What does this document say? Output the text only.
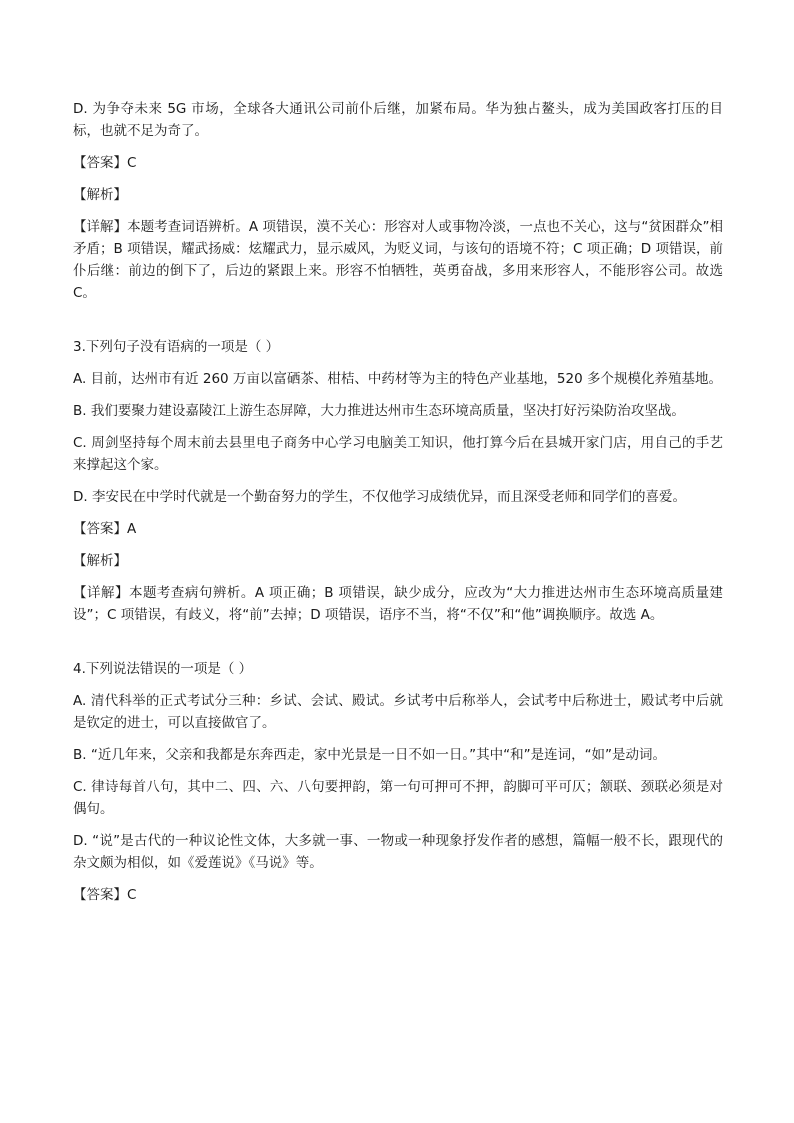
D. 为争夺未来 5G 市场，全球各大通讯公司前仆后继，加紧布局。华为独占鳌头，成为美国政客打压的目标，也就不足为奇了。

【答案】C

【解析】

【详解】本题考查词语辨析。A 项错误，漠不关心：形容对人或事物冷淡，一点也不关心，这与“贫困群众”相矛盾；B 项错误，耀武扬威：炫耀武力，显示威风，为贬义词，与该句的语境不符；C 项正确；D 项错误，前仆后继：前边的倒下了，后边的紧跟上来。形容不怕牺牲，英勇奋战，多用来形容人，不能形容公司。故选 C。

3.下列句子没有语病的一项是（ ）

A. 目前，达州市有近 260 万亩以富硒茶、柑桔、中药材等为主的特色产业基地，520 多个规模化养殖基地。

B. 我们要聚力建设嘉陵江上游生态屏障，大力推进达州市生态环境高质量，坚决打好污染防治攻坚战。

C. 周剑坚持每个周末前去县里电子商务中心学习电脑美工知识，他打算今后在县城开家门店，用自己的手艺来撑起这个家。

D. 李安民在中学时代就是一个勤奋努力的学生，不仅他学习成绩优异，而且深受老师和同学们的喜爱。

【答案】A

【解析】

【详解】本题考查病句辨析。A 项正确；B 项错误，缺少成分，应改为“大力推进达州市生态环境高质量建设”；C 项错误，有歧义，将“前”去掉；D 项错误，语序不当，将“不仅”和“他”调换顺序。故选 A。

4.下列说法错误的一项是（ ）

A. 清代科举的正式考试分三种：乡试、会试、殿试。乡试考中后称举人，会试考中后称进士，殿试考中后就是钦定的进士，可以直接做官了。

B. “近几年来，父亲和我都是东奔西走，家中光景是一日不如一日。”其中“和”是连词，“如”是动词。

C. 律诗每首八句，其中二、四、六、八句要押韵，第一句可押可不押，韵脚可平可仄；颔联、颈联必须是对偶句。

D. “说”是古代的一种议论性文体，大多就一事、一物或一种现象抒发作者的感想，篇幅一般不长，跟现代的杂文颇为相似，如《爱莲说》《马说》等。

【答案】C
